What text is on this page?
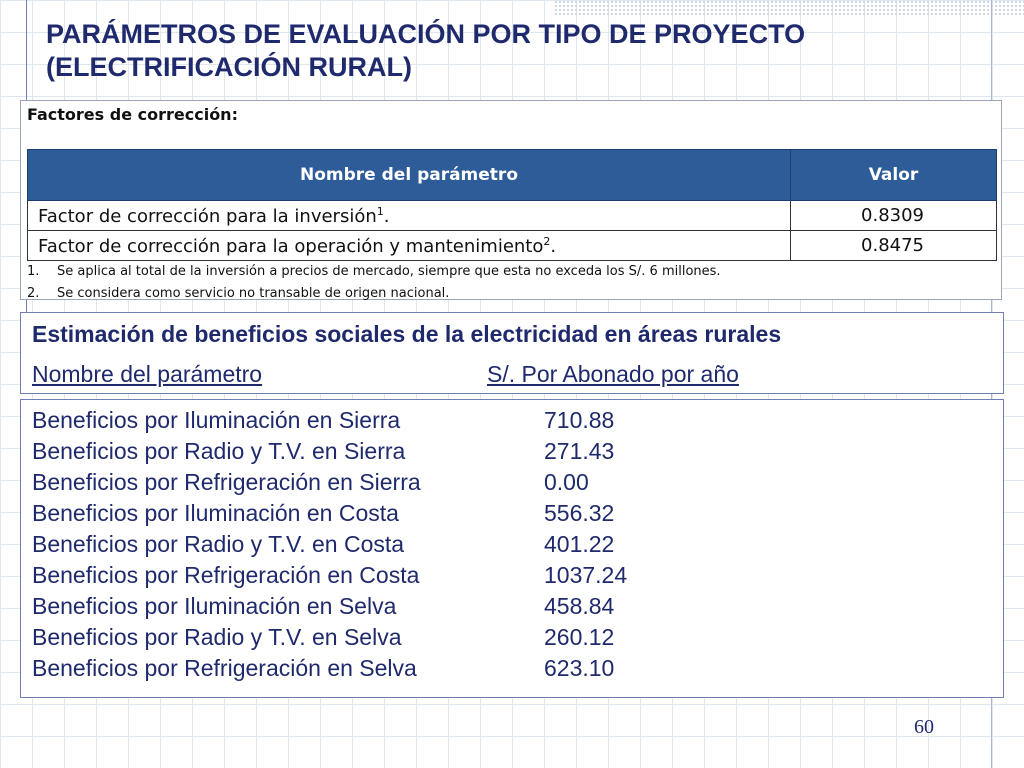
PARÁMETROS DE EVALUACIÓN POR TIPO DE PROYECTO
(ELECTRIFICACIÓN RURAL)
Factores de corrección:
Nombre del parámetro	Valor
Factor de corrección para la inversión$^1$.	0.8309
Factor de corrección para la operación y mantenimiento$^2$.	0.8475
1. Se aplica al total de la inversión a precios de mercado, siempre que esta no exceda los S/. 6 millones.
2. Se considera como servicio no transable de origen nacional.
Estimación de beneficios sociales de la electricidad en áreas rurales
Nombre del parámetro	S/. Por Abonado por año
Beneficios por Iluminación en Sierra	710.88
Beneficios por Radio y T.V. en Sierra	271.43
Beneficios por Refrigeración en Sierra	0.00
Beneficios por Iluminación en Costa	556.32
Beneficios por Radio y T.V. en Costa	401.22
Beneficios por Refrigeración en Costa	1037.24
Beneficios por Iluminación en Selva	458.84
Beneficios por Radio y T.V. en Selva	260.12
Beneficios por Refrigeración en Selva	623.10
60
